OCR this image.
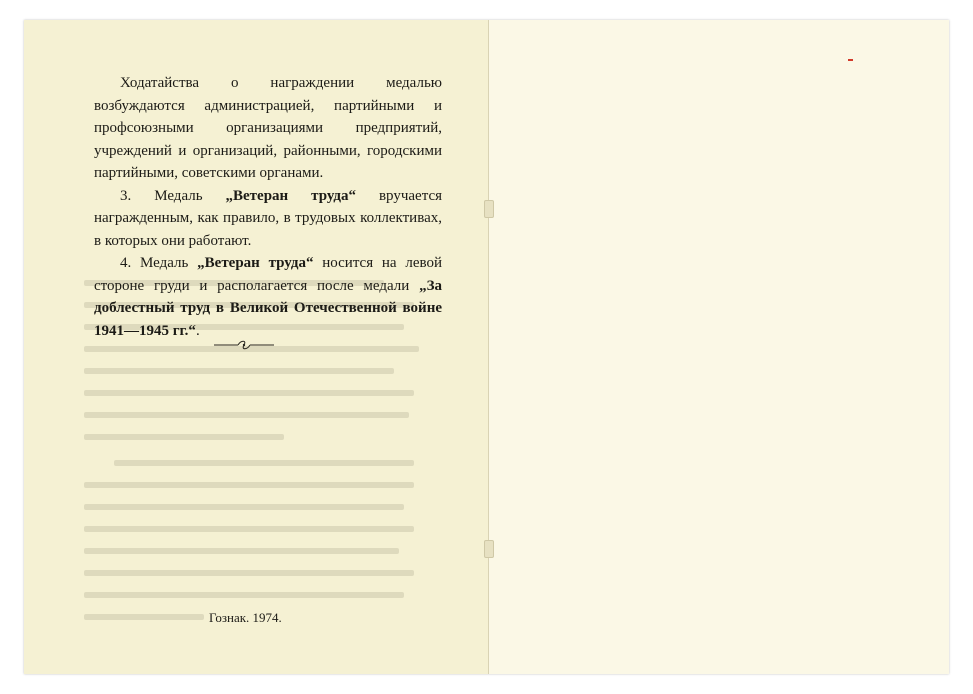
Ходатайства о награждении медалью возбуждаются администрацией, партийными и профсоюзными организациями предприятий, учреждений и организаций, районными, городскими партийными, советскими органами.

3. Медаль „Ветеран труда“ вручается награжденным, как правило, в трудовых коллективах, в которых они работают.

4. Медаль „Ветеран труда“ носится на левой стороне груди и располагается после медали „За доблестный труд в Великой Отечественной войне 1941—1945 гг.“.

Гознак. 1974.
